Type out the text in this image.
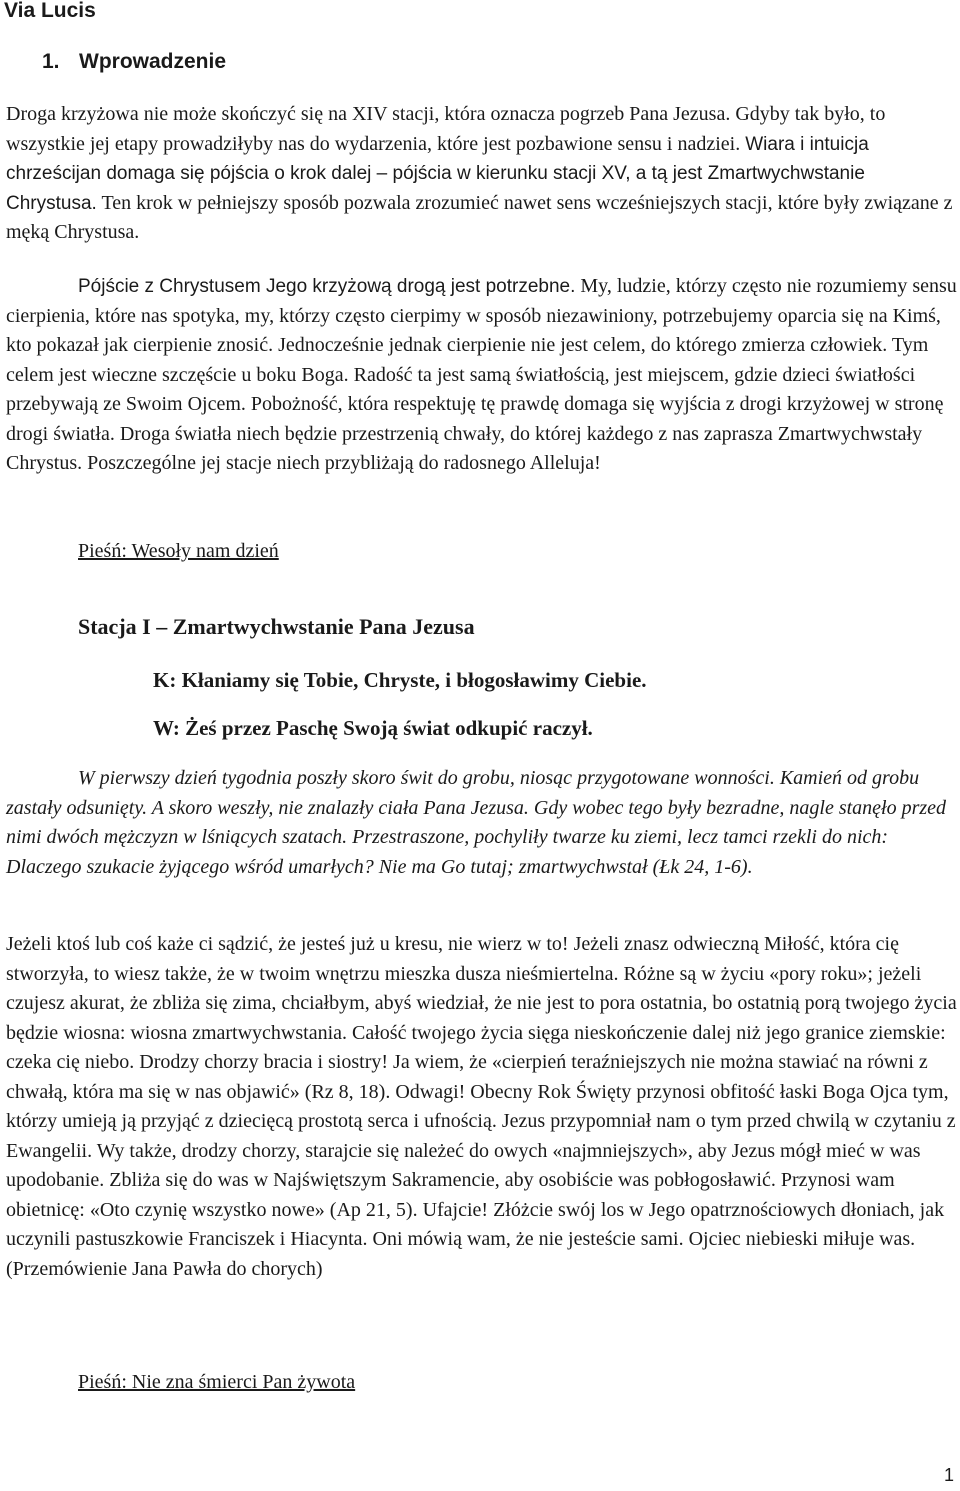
Via Lucis
1. Wprowadzenie

Droga krzyżowa nie może skończyć się na XIV stacji, która oznacza pogrzeb Pana Jezusa. Gdyby tak było, to wszystkie jej etapy prowadziłyby nas do wydarzenia, które jest pozbawione sensu i nadziei. Wiara i intuicja chrześcijan domaga się pójścia o krok dalej – pójścia w kierunku stacji XV, a tą jest Zmartwychwstanie Chrystusa. Ten krok w pełniejszy sposób pozwala zrozumieć nawet sens wcześniejszych stacji, które były związane z męką Chrystusa.

Pójście z Chrystusem Jego krzyżową drogą jest potrzebne. My, ludzie, którzy często nie rozumiemy sensu cierpienia, które nas spotyka, my, którzy często cierpimy w sposób niezawiniony, potrzebujemy oparcia się na Kimś, kto pokazał jak cierpienie znosić. Jednocześnie jednak cierpienie nie jest celem, do którego zmierza człowiek. Tym celem jest wieczne szczęście u boku Boga. Radość ta jest samą światłością, jest miejscem, gdzie dzieci światłości przebywają ze Swoim Ojcem. Pobożność, która respektuję tę prawdę domaga się wyjścia z drogi krzyżowej w stronę drogi światła. Droga światła niech będzie przestrzenią chwały, do której każdego z nas zaprasza Zmartwychwstały Chrystus. Poszczególne jej stacje niech przybliżają do radosnego Alleluja!

Pieśń: Wesoły nam dzień

Stacja I – Zmartwychwstanie Pana Jezusa

K: Kłaniamy się Tobie, Chryste, i błogosławimy Ciebie.

W: Żeś przez Paschę Swoją świat odkupić raczył.

W pierwszy dzień tygodnia poszły skoro świt do grobu, niosąc przygotowane wonności. Kamień od grobu zastały odsunięty. A skoro weszły, nie znalazły ciała Pana Jezusa. Gdy wobec tego były bezradne, nagle stanęło przed nimi dwóch mężczyzn w lśniących szatach. Przestraszone, pochyliły twarze ku ziemi, lecz tamci rzekli do nich: Dlaczego szukacie żyjącego wśród umarłych? Nie ma Go tutaj; zmartwychwstał (Łk 24, 1-6).

Jeżeli ktoś lub coś każe ci sądzić, że jesteś już u kresu, nie wierz w to! Jeżeli znasz odwieczną Miłość, która cię stworzyła, to wiesz także, że w twoim wnętrzu mieszka dusza nieśmiertelna. Różne są w życiu «pory roku»; jeżeli czujesz akurat, że zbliża się zima, chciałbym, abyś wiedział, że nie jest to pora ostatnia, bo ostatnią porą twojego życia będzie wiosna: wiosna zmartwychwstania. Całość twojego życia sięga nieskończenie dalej niż jego granice ziemskie: czeka cię niebo. Drodzy chorzy bracia i siostry! Ja wiem, że «cierpień teraźniejszych nie można stawiać na równi z chwałą, która ma się w nas objawić» (Rz 8, 18). Odwagi! Obecny Rok Święty przynosi obfitość łaski Boga Ojca tym, którzy umieją ją przyjąć z dziecięcą prostotą serca i ufnością. Jezus przypomniał nam o tym przed chwilą w czytaniu z Ewangelii. Wy także, drodzy chorzy, starajcie się należeć do owych «najmniejszych», aby Jezus mógł mieć w was upodobanie. Zbliża się do was w Najświętszym Sakramencie, aby osobiście was pobłogosławić. Przynosi wam obietnicę: «Oto czynię wszystko nowe» (Ap 21, 5). Ufajcie! Złóżcie swój los w Jego opatrznościowych dłoniach, jak uczynili pastuszkowie Franciszek i Hiacynta. Oni mówią wam, że nie jesteście sami. Ojciec niebieski miłuje was. (Przemówienie Jana Pawła do chorych)

Pieśń: Nie zna śmierci Pan żywota

1
